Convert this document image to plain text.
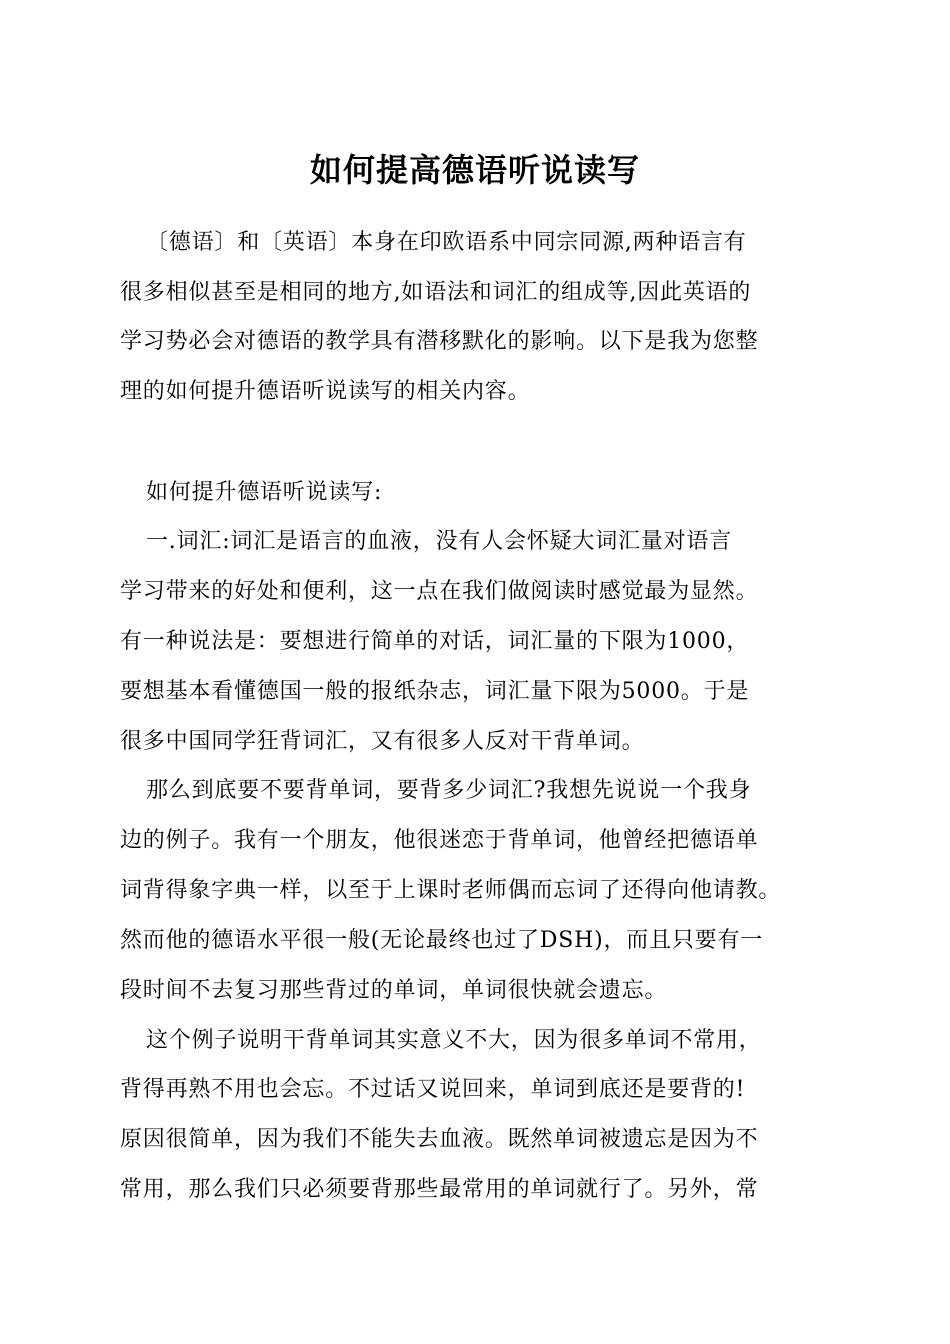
如何提高德语听说读写

〔德语〕和〔英语〕本身在印欧语系中同宗同源,两种语言有

很多相似甚至是相同的地方,如语法和词汇的组成等,因此英语的

学习势必会对德语的教学具有潜移默化的影响。以下是我为您整

理的如何提升德语听说读写的相关内容。

如何提升德语听说读写:

一.词汇:词汇是语言的血液，没有人会怀疑大词汇量对语言

学习带来的好处和便利，这一点在我们做阅读时感觉最为显然。

有一种说法是：要想进行简单的对话，词汇量的下限为1000，

要想基本看懂德国一般的报纸杂志，词汇量下限为5000。于是

很多中国同学狂背词汇，又有很多人反对干背单词。

那么到底要不要背单词，要背多少词汇?我想先说说一个我身

边的例子。我有一个朋友，他很迷恋于背单词，他曾经把德语单

词背得象字典一样，以至于上课时老师偶而忘词了还得向他请教。

然而他的德语水平很一般(无论最终也过了DSH)，而且只要有一

段时间不去复习那些背过的单词，单词很快就会遗忘。

这个例子说明干背单词其实意义不大，因为很多单词不常用，

背得再熟不用也会忘。不过话又说回来，单词到底还是要背的!

原因很简单，因为我们不能失去血液。既然单词被遗忘是因为不

常用，那么我们只必须要背那些最常用的单词就行了。另外，常
